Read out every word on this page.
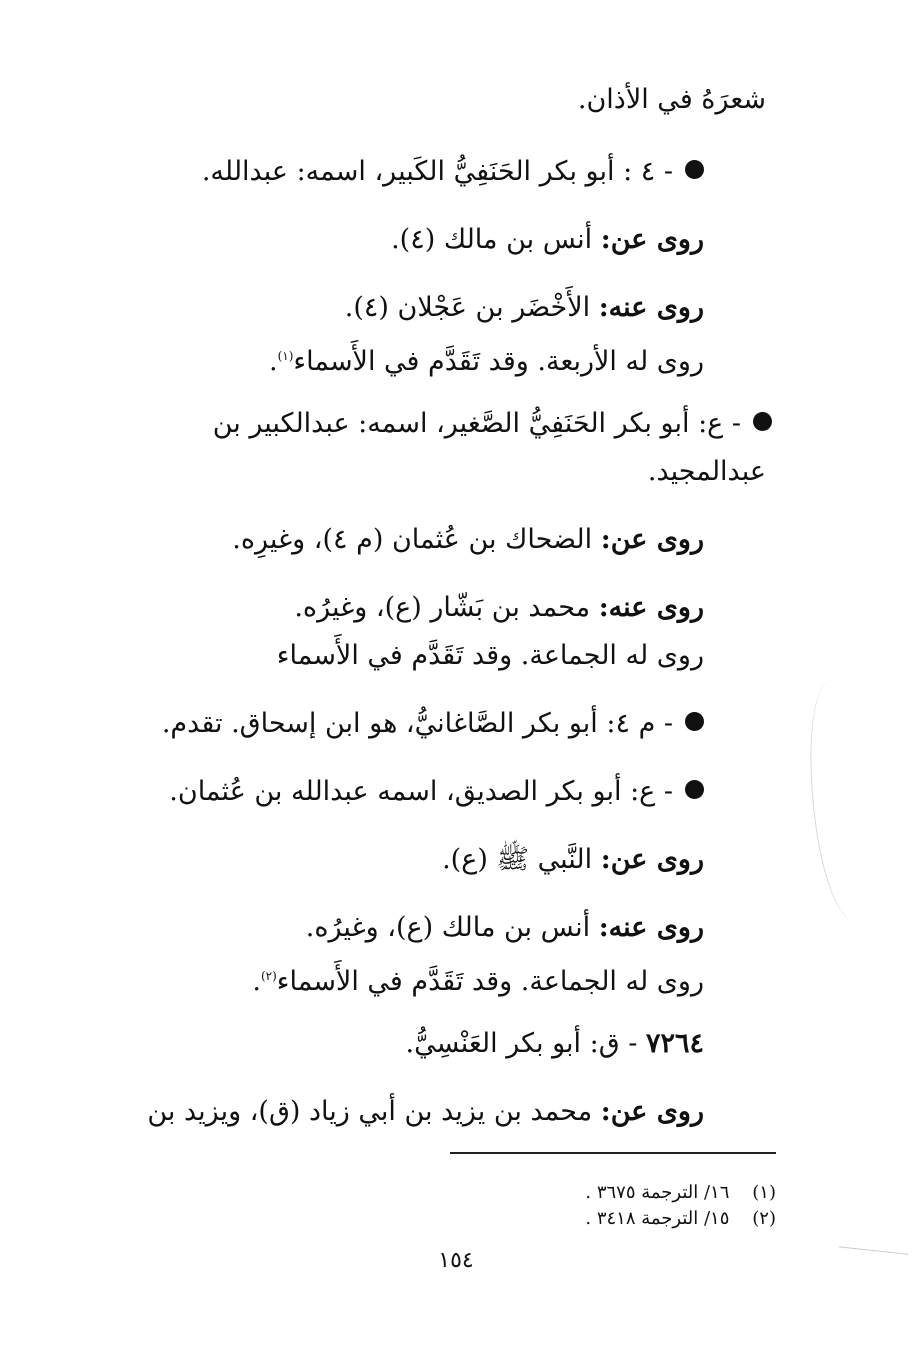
شعرَهُ في الأذان.
- ٤ : أبو بكر الحَنَفِيُّ الكَبير، اسمه: عبدالله.
روى عن: أنس بن مالك (٤).
روى عنه: الأَخْضَر بن عَجْلان (٤).
روى له الأربعة. وقد تَقَدَّم في الأَسماء$^{(١)}$.
- ع: أبو بكر الحَنَفِيُّ الصَّغير، اسمه: عبدالكبير بن
عبدالمجيد.
روى عن: الضحاك بن عُثمان (م ٤)، وغيرِه.
روى عنه: محمد بن بَشّار (ع)، وغيرُه.
روى له الجماعة. وقد تَقَدَّم في الأَسماء
- م ٤: أبو بكر الصَّاغانيُّ، هو ابن إسحاق. تقدم.
- ع: أبو بكر الصديق، اسمه عبدالله بن عُثمان.
روى عن: النَّبي ﷺ (ع).
روى عنه: أنس بن مالك (ع)، وغيرُه.
روى له الجماعة. وقد تَقَدَّم في الأَسماء$^{(٢)}$.
٧٢٦٤ - ق: أبو بكر العَنْسِيُّ.
روى عن: محمد بن يزيد بن أبي زياد (ق)، ويزيد بن
(١)    ١٦/ الترجمة ٣٦٧٥ .
(٢)    ١٥/ الترجمة ٣٤١٨ .
١٥٤
